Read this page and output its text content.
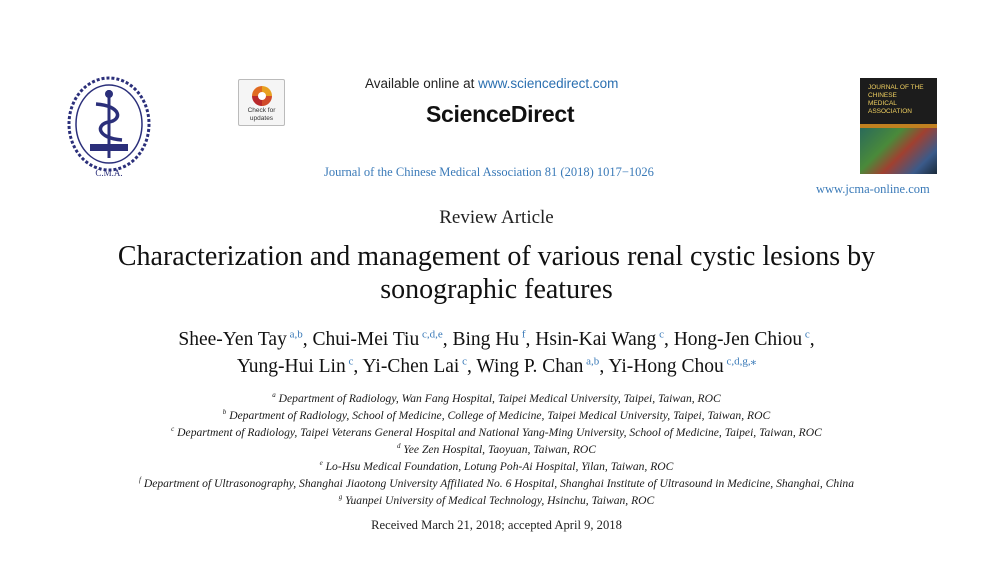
C.M.A.
Check for
updates
Available online at www.sciencedirect.com
ScienceDirect
Journal of the Chinese Medical Association 81 (2018) 1017−1026
JOURNAL OF THE
CHINESE
MEDICAL
ASSOCIATION
www.jcma-online.com
Review Article
Characterization and management of various renal cystic lesions by
sonographic features
Shee-Yen Tay $^{a,b}$, Chui-Mei Tiu $^{c,d,e}$, Bing Hu $^f$, Hsin-Kai Wang $^c$, Hong-Jen Chiou $^c$,
Yung-Hui Lin $^c$, Yi-Chen Lai $^c$, Wing P. Chan $^{a,b}$, Yi-Hong Chou $^{c,d,g,⁎}$
$^a$ Department of Radiology, Wan Fang Hospital, Taipei Medical University, Taipei, Taiwan, ROC
$^b$ Department of Radiology, School of Medicine, College of Medicine, Taipei Medical University, Taipei, Taiwan, ROC
$^c$ Department of Radiology, Taipei Veterans General Hospital and National Yang-Ming University, School of Medicine, Taipei, Taiwan, ROC
$^d$ Yee Zen Hospital, Taoyuan, Taiwan, ROC
$^e$ Lo-Hsu Medical Foundation, Lotung Poh-Ai Hospital, Yilan, Taiwan, ROC
$^f$ Department of Ultrasonography, Shanghai Jiaotong University Affiliated No. 6 Hospital, Shanghai Institute of Ultrasound in Medicine, Shanghai, China
$^g$ Yuanpei University of Medical Technology, Hsinchu, Taiwan, ROC
Received March 21, 2018; accepted April 9, 2018
